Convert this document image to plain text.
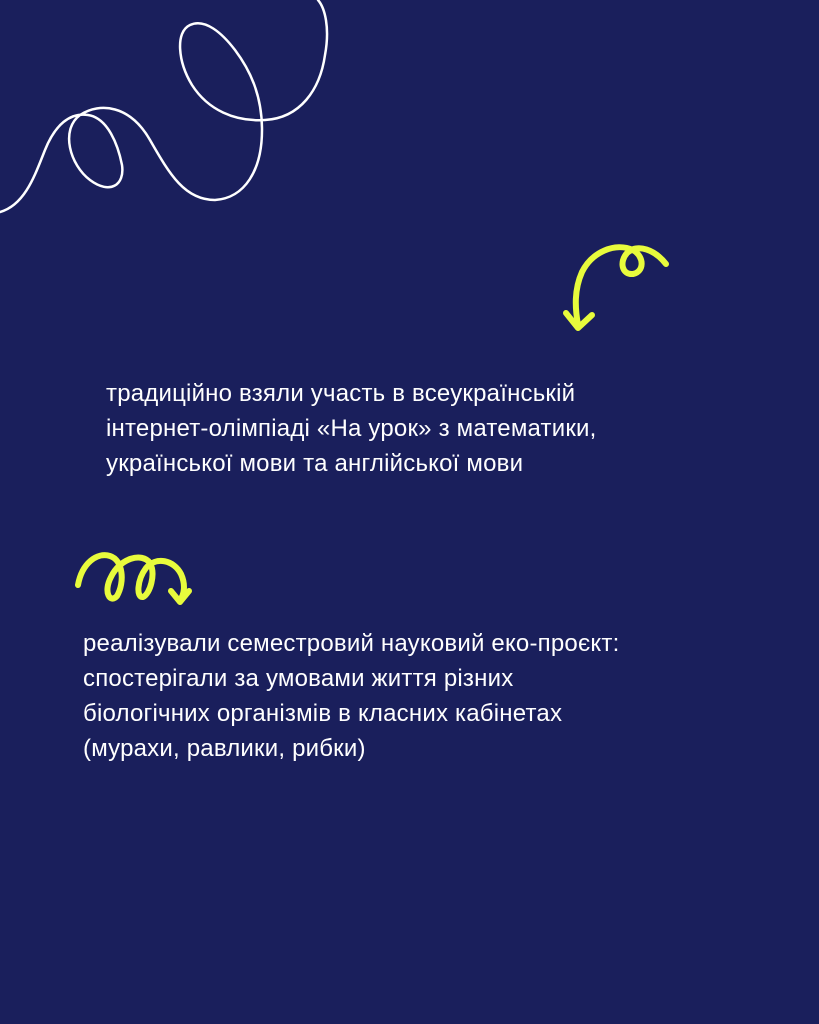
традиційно взяли участь в всеукраїнській
інтернет-олімпіаді «На урок» з математики,
української мови та англійської мови

реалізували семестровий науковий еко-проєкт:
спостерігали за умовами життя різних
біологічних організмів в класних кабінетах
(мурахи, равлики, рибки)
